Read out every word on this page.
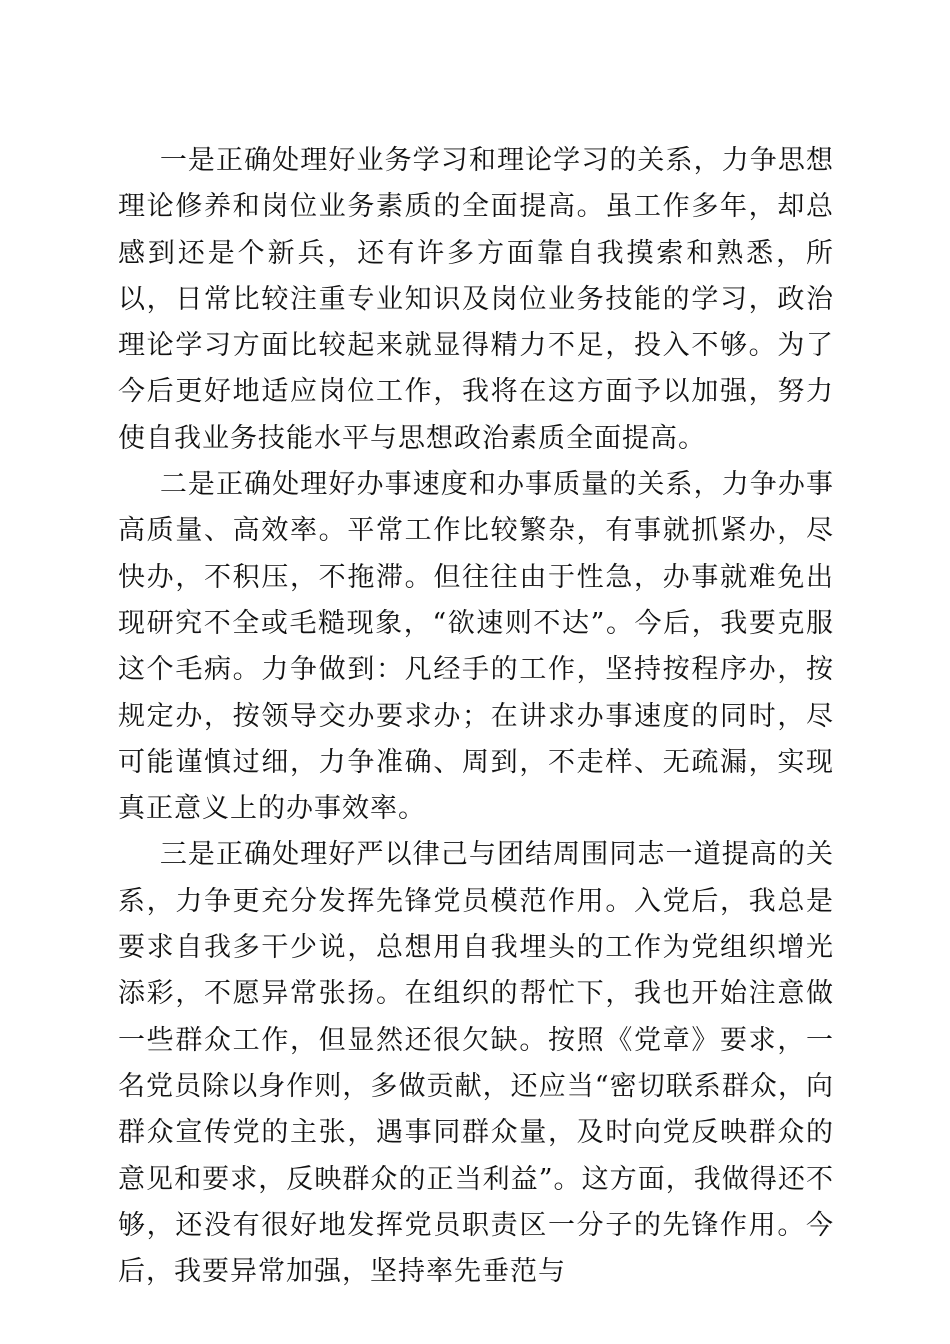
一是正确处理好业务学习和理论学习的关系，力争思想理论修养和岗位业务素质的全面提高。虽工作多年，却总感到还是个新兵，还有许多方面靠自我摸索和熟悉，所以，日常比较注重专业知识及岗位业务技能的学习，政治理论学习方面比较起来就显得精力不足，投入不够。为了今后更好地适应岗位工作，我将在这方面予以加强，努力使自我业务技能水平与思想政治素质全面提高。

二是正确处理好办事速度和办事质量的关系，力争办事高质量、高效率。平常工作比较繁杂，有事就抓紧办，尽快办，不积压，不拖滞。但往往由于性急，办事就难免出现研究不全或毛糙现象，“欲速则不达”。今后，我要克服这个毛病。力争做到：凡经手的工作，坚持按程序办，按规定办，按领导交办要求办；在讲求办事速度的同时，尽可能谨慎过细，力争准确、周到，不走样、无疏漏，实现真正意义上的办事效率。

三是正确处理好严以律己与团结周围同志一道提高的关系，力争更充分发挥先锋党员模范作用。入党后，我总是要求自我多干少说，总想用自我埋头的工作为党组织增光添彩，不愿异常张扬。在组织的帮忙下，我也开始注意做一些群众工作，但显然还很欠缺。按照《党章》要求，一名党员除以身作则，多做贡献，还应当“密切联系群众，向群众宣传党的主张，遇事同群众量，及时向党反映群众的意见和要求，反映群众的正当利益”。这方面，我做得还不够，还没有很好地发挥党员职责区一分子的先锋作用。今后，我要异常加强，坚持率先垂范与
